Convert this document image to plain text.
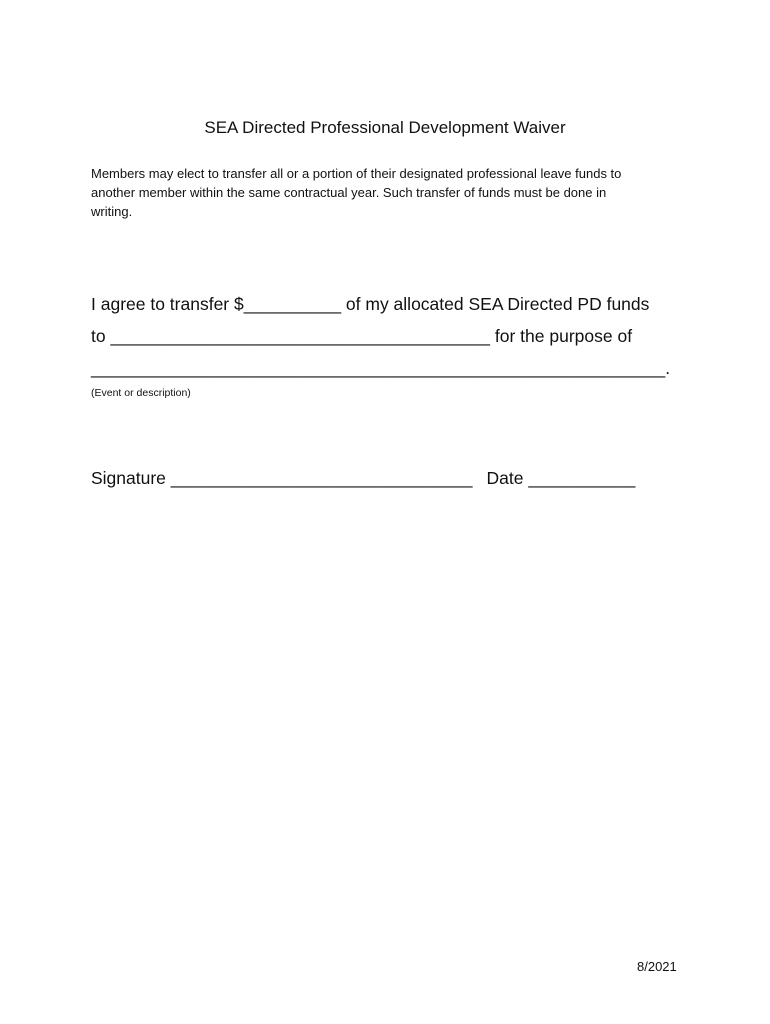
SEA Directed Professional Development Waiver
Members may elect to transfer all or a portion of their designated professional leave funds to
another member within the same contractual year. Such transfer of funds must be done in
writing.
I agree to transfer $__________ of my allocated SEA Directed PD funds
to _______________________________________ for the purpose of
___________________________________________________________.
(Event or description)
Signature _______________________________ Date ___________
8/2021
